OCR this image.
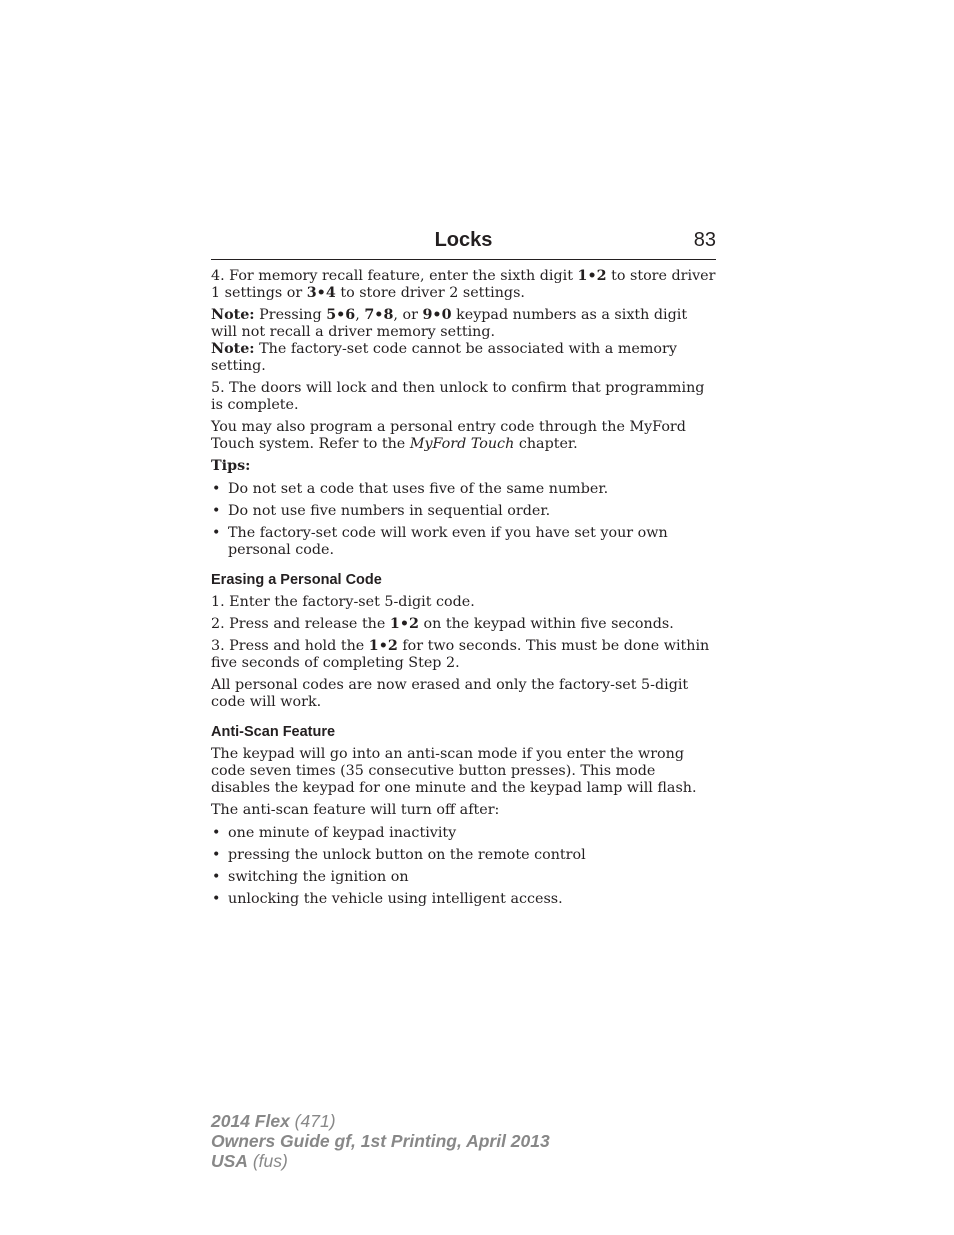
Locks	83

4. For memory recall feature, enter the sixth digit 1•2 to store driver 1 settings or 3•4 to store driver 2 settings.

Note: Pressing 5•6, 7•8, or 9•0 keypad numbers as a sixth digit will not recall a driver memory setting.

Note: The factory-set code cannot be associated with a memory setting.

5. The doors will lock and then unlock to confirm that programming is complete.

You may also program a personal entry code through the MyFord Touch system. Refer to the MyFord Touch chapter.

Tips:

• Do not set a code that uses five of the same number.
• Do not use five numbers in sequential order.
• The factory-set code will work even if you have set your own personal code.
Erasing a Personal Code

1. Enter the factory-set 5-digit code.

2. Press and release the 1•2 on the keypad within five seconds.

3. Press and hold the 1•2 for two seconds. This must be done within five seconds of completing Step 2.

All personal codes are now erased and only the factory-set 5-digit code will work.

Anti-Scan Feature

The keypad will go into an anti-scan mode if you enter the wrong code seven times (35 consecutive button presses). This mode disables the keypad for one minute and the keypad lamp will flash.

The anti-scan feature will turn off after:

• one minute of keypad inactivity
• pressing the unlock button on the remote control
• switching the ignition on
• unlocking the vehicle using intelligent access.
2014 Flex (471)
Owners Guide gf, 1st Printing, April 2013
USA (fus)
